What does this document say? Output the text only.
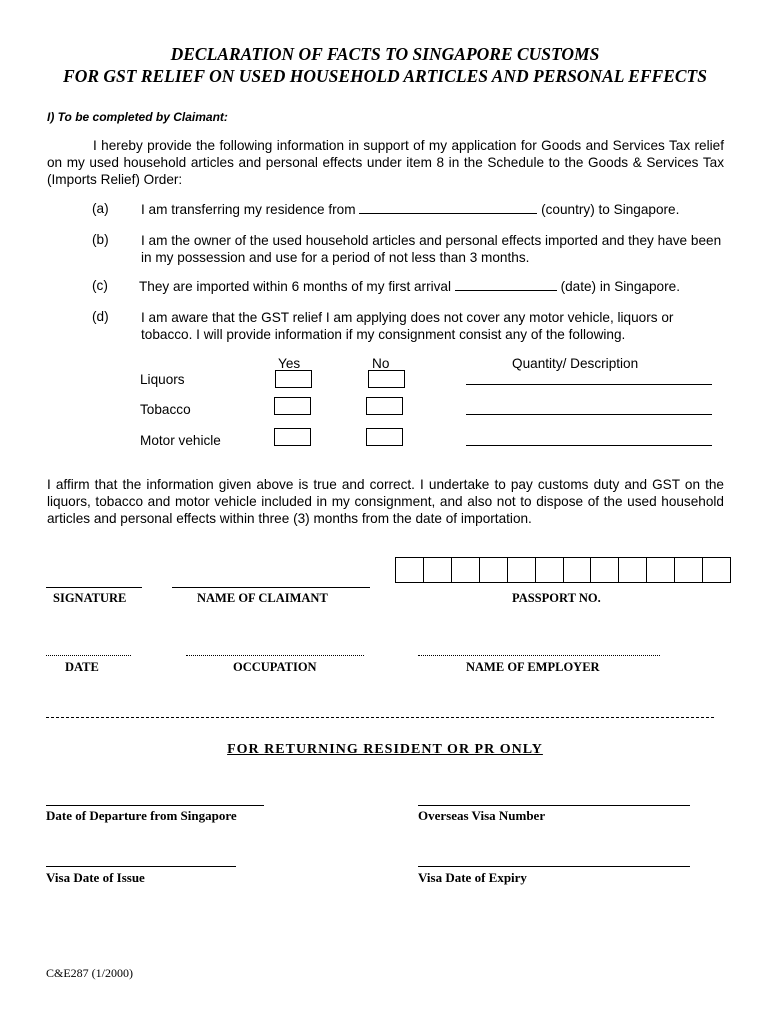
DECLARATION OF FACTS TO SINGAPORE CUSTOMS
FOR GST RELIEF ON USED HOUSEHOLD ARTICLES AND PERSONAL EFFECTS
I) To be completed by Claimant:
I hereby provide the following information in support of my application for Goods and Services Tax relief on my used household articles and personal effects under item 8 in the Schedule to the Goods & Services Tax (Imports Relief) Order:
(a) I am transferring my residence from	(country) to Singapore.
(b) I am the owner of the used household articles and personal effects imported and they have been in my possession and use for a period of not less than 3 months.
(c) They are imported within 6 months of my first arrival	(date) in Singapore.
(d) I am aware that the GST relief I am applying does not cover any motor vehicle, liquors or tobacco. I will provide information if my consignment consist any of the following.
Yes	No	Quantity/ Description
Liquors
Tobacco
Motor vehicle
I affirm that the information given above is true and correct. I undertake to pay customs duty and GST on the liquors, tobacco and motor vehicle included in my consignment, and also not to dispose of the used household articles and personal effects within three (3) months from the date of importation.
SIGNATURE	NAME OF CLAIMANT	PASSPORT NO.
DATE	OCCUPATION	NAME OF EMPLOYER
FOR RETURNING RESIDENT OR PR ONLY
Date of Departure from Singapore	Overseas Visa Number
Visa Date of Issue	Visa Date of Expiry
C&E287 (1/2000)
